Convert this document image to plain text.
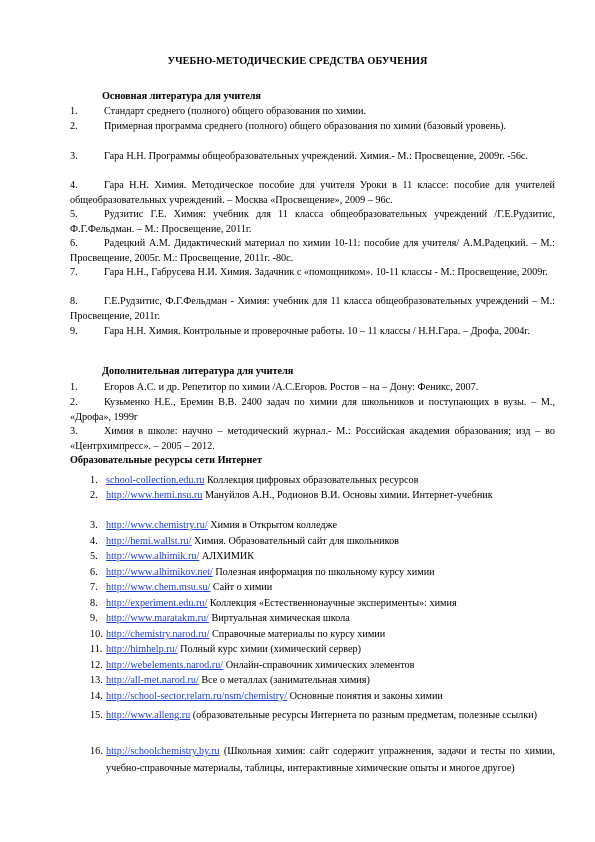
УЧЕБНО-МЕТОДИЧЕСКИЕ СРЕДСТВА ОБУЧЕНИЯ
Основная литература для учителя
1.	Стандарт среднего (полного) общего образования по химии.
2.	Примерная программа среднего (полного) общего образования по химии (базовый уровень).
3.	Гара Н.Н. Программы общеобразовательных учреждений. Химия.- М.: Просвещение, 2009г. -56с.
4.	Гара Н.Н. Химия. Методическое пособие для учителя Уроки в 11 классе: пособие для учителей общеобразовательных учреждений. – Москва «Просвещение», 2009 – 96с.
5.	Рудзитис Г.Е. Химия: учебник для 11 класса общеобразовательных учреждений /Г.Е.Рудзитис, Ф.Г.Фельдман. – М.: Просвещение, 2011г.
6.	Радецкий А.М. Дидактический материал по химии 10-11: пособие для учителя/ А.М.Радецкий. – М.: Просвещение, 2005г. М.: Просвещение, 2011г. -80с.
7.	Гара Н.Н., Габрусева Н.И. Химия. Задачник с «помощником». 10-11 классы - М.: Просвещение, 2009г.
8.	Г.Е.Рудзитис, Ф.Г.Фельдман - Химия: учебник для 11 класса общеобразовательных учреждений – М.: Просвещение, 2011г.
9.	Гара Н.Н. Химия. Контрольные и проверочные работы. 10 – 11 классы / Н.Н.Гара. – Дрофа, 2004г.
Дополнительная литература для учителя
1.	Егоров А.С. и др. Репетитор по химии /А.С.Егоров. Ростов – на – Дону: Феникс, 2007.
2.	Кузьменко Н.Е., Еремин В.В. 2400 задач по химии для школьников и поступающих в вузы. – М., «Дрофа», 1999г
3.	Химия в школе: научно – методический журнал.- М.: Российская академия образования; изд – во «Центрхимпресс». – 2005 – 2012.
Образовательные ресурсы сети Интернет
1. school-collection.edu.ru Коллекция цифровых образовательных ресурсов
2. http://www.hemi.nsu.ru Мануйлов А.Н., Родионов В.И. Основы химии. Интернет-учебник
3. http://www.chemistry.ru/ Химия в Открытом колледже
4. http://hemi.wallst.ru/ Химия. Образовательный сайт для школьников
5. http://www.alhimik.ru/ АЛХИМИК
6. http://www.alhimikov.net/ Полезная информация по школьному курсу химии
7. http://www.chem.msu.su/ Сайт о химии
8. http://experiment.edu.ru/ Коллекция «Естественнонаучные эксперименты»: химия
9. http://www.maratakm.ru/ Виртуальная химическая школа
10. http://chemistry.narod.ru/ Справочные материалы по курсу химии
11. http://himhelp.ru/ Полный курс химии (химический сервер)
12. http://webelements.narod.ru/ Онлайн-справочник химических элементов
13. http://all-met.narod.ru/ Все о металлах (занимательная химия)
14. http://school-sector.relarn.ru/nsm/chemistry/ Основные понятия и законы химии
15. http://www.alleng.ru (образовательные ресурсы Интернета по разным предметам, полезные ссылки)
16. http://schoolchemistry.by.ru (Школьная химия: сайт содержит упражнения, задачи и тесты по химии, учебно-справочные материалы, таблицы, интерактивные химические опыты и многое другое)
